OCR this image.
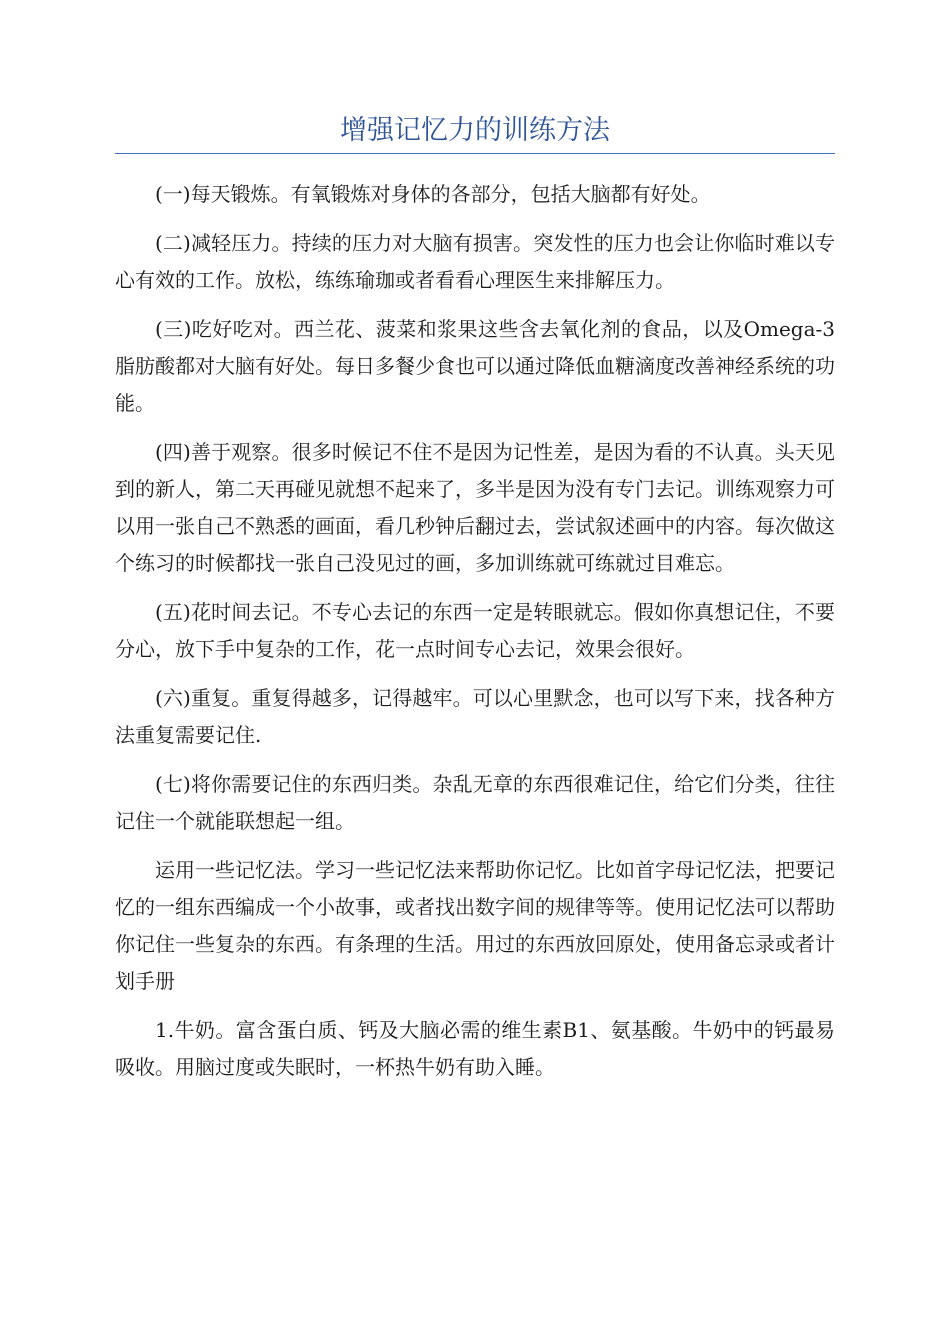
增强记忆力的训练方法

(一)每天锻炼。有氧锻炼对身体的各部分，包括大脑都有好处。

(二)减轻压力。持续的压力对大脑有损害。突发性的压力也会让你临时难以专心有效的工作。放松，练练瑜珈或者看看心理医生来排解压力。

(三)吃好吃对。西兰花、菠菜和浆果这些含去氧化剂的食品，以及Omega-3脂肪酸都对大脑有好处。每日多餐少食也可以通过降低血糖滴度改善神经系统的功能。

(四)善于观察。很多时候记不住不是因为记性差，是因为看的不认真。头天见到的新人，第二天再碰见就想不起来了，多半是因为没有专门去记。训练观察力可以用一张自己不熟悉的画面，看几秒钟后翻过去，尝试叙述画中的内容。每次做这个练习的时候都找一张自己没见过的画，多加训练就可练就过目难忘。

(五)花时间去记。不专心去记的东西一定是转眼就忘。假如你真想记住，不要分心，放下手中复杂的工作，花一点时间专心去记，效果会很好。

(六)重复。重复得越多，记得越牢。可以心里默念，也可以写下来，找各种方法重复需要记住.

(七)将你需要记住的东西归类。杂乱无章的东西很难记住，给它们分类，往往记住一个就能联想起一组。

运用一些记忆法。学习一些记忆法来帮助你记忆。比如首字母记忆法，把要记忆的一组东西编成一个小故事，或者找出数字间的规律等等。使用记忆法可以帮助你记住一些复杂的东西。有条理的生活。用过的东西放回原处，使用备忘录或者计划手册

1.牛奶。富含蛋白质、钙及大脑必需的维生素B1、氨基酸。牛奶中的钙最易吸收。用脑过度或失眠时，一杯热牛奶有助入睡。
